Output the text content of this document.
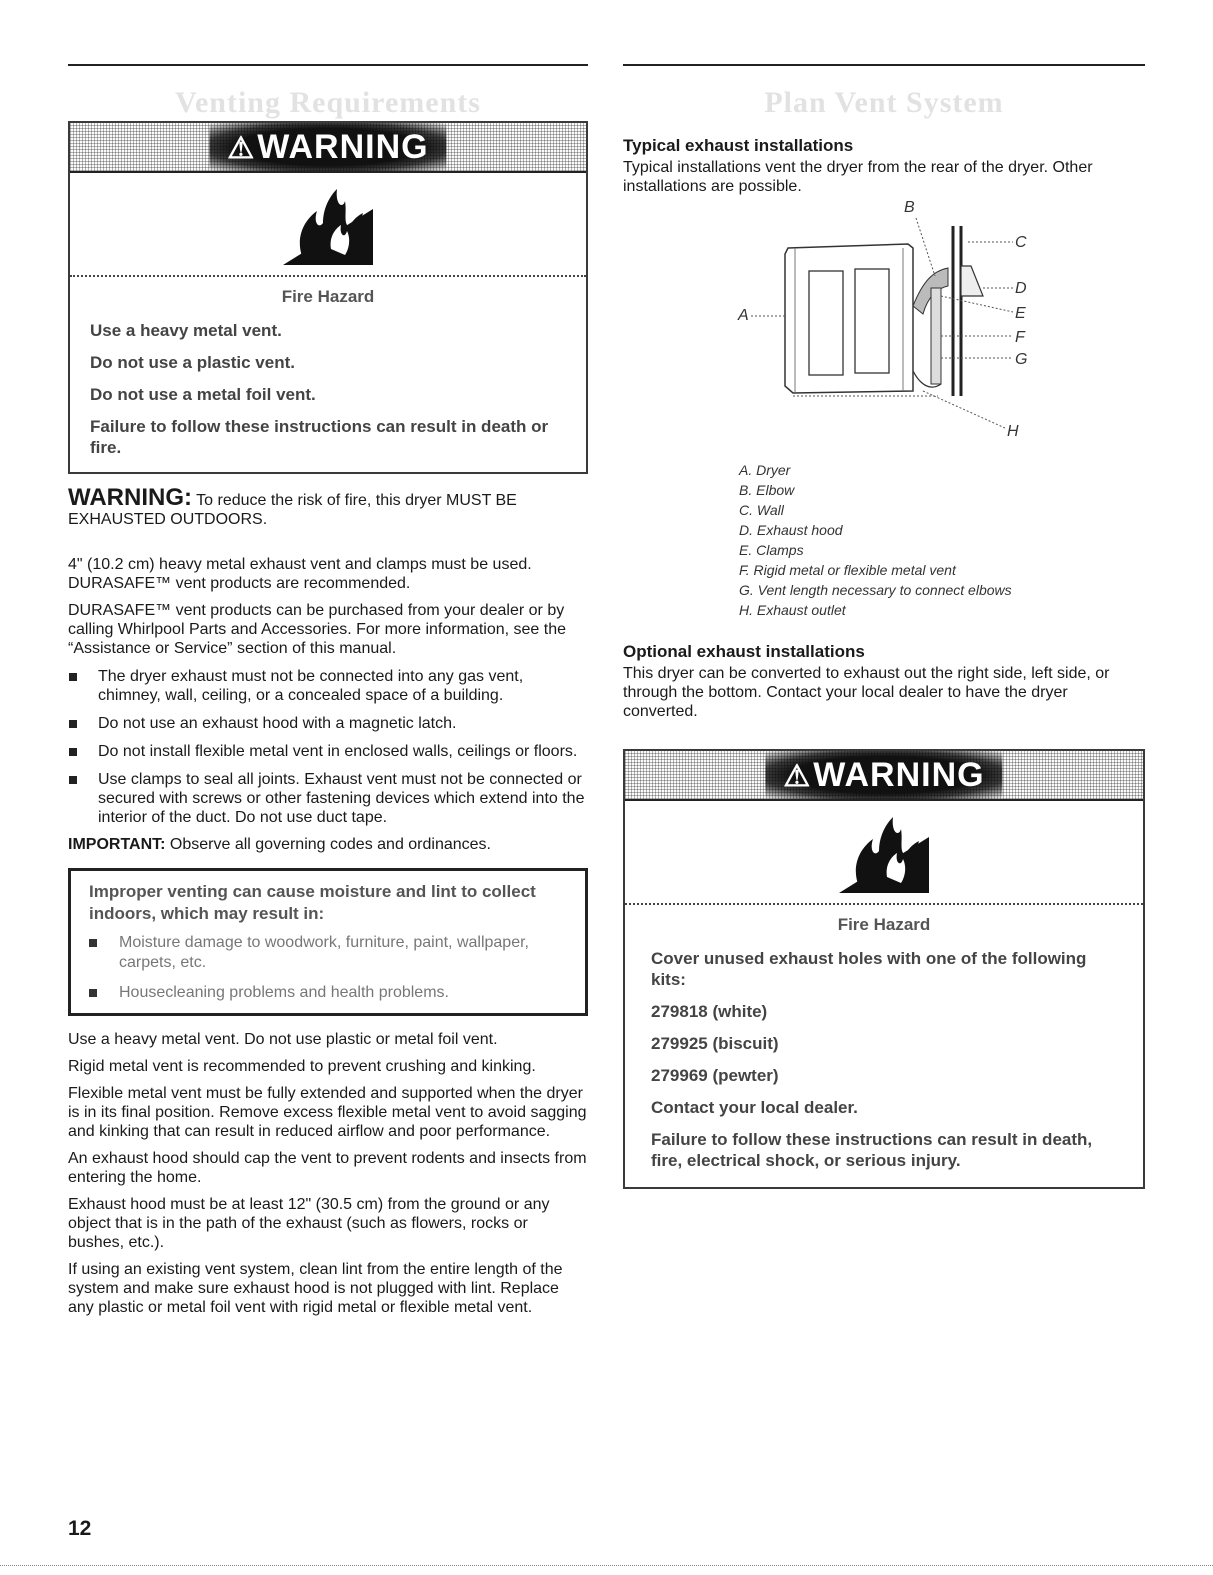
Venting Requirements
⚠WARNING
Fire Hazard
Use a heavy metal vent.
Do not use a plastic vent.
Do not use a metal foil vent.
Failure to follow these instructions can result in death or fire.
WARNING: To reduce the risk of fire, this dryer MUST BE EXHAUSTED OUTDOORS.

4" (10.2 cm) heavy metal exhaust vent and clamps must be used. DURASAFE™ vent products are recommended.

DURASAFE™ vent products can be purchased from your dealer or by calling Whirlpool Parts and Accessories. For more information, see the “Assistance or Service” section of this manual.

The dryer exhaust must not be connected into any gas vent, chimney, wall, ceiling, or a concealed space of a building.
Do not use an exhaust hood with a magnetic latch.
Do not install flexible metal vent in enclosed walls, ceilings or floors.
Use clamps to seal all joints. Exhaust vent must not be connected or secured with screws or other fastening devices which extend into the interior of the duct. Do not use duct tape.

IMPORTANT: Observe all governing codes and ordinances.

Improper venting can cause moisture and lint to collect indoors, which may result in:
Moisture damage to woodwork, furniture, paint, wallpaper, carpets, etc.
Housecleaning problems and health problems.

Use a heavy metal vent. Do not use plastic or metal foil vent.

Rigid metal vent is recommended to prevent crushing and kinking.

Flexible metal vent must be fully extended and supported when the dryer is in its final position. Remove excess flexible metal vent to avoid sagging and kinking that can result in reduced airflow and poor performance.

An exhaust hood should cap the vent to prevent rodents and insects from entering the home.

Exhaust hood must be at least 12" (30.5 cm) from the ground or any object that is in the path of the exhaust (such as flowers, rocks or bushes, etc.).

If using an existing vent system, clean lint from the entire length of the system and make sure exhaust hood is not plugged with lint. Replace any plastic or metal foil vent with rigid metal or flexible metal vent.

Plan Vent System
Typical exhaust installations

Typical installations vent the dryer from the rear of the dryer. Other installations are possible.

A
B
C
D
E
F
G
H
A. Dryer
B. Elbow
C. Wall
D. Exhaust hood
E. Clamps
F. Rigid metal or flexible metal vent
G. Vent length necessary to connect elbows
H. Exhaust outlet
Optional exhaust installations

This dryer can be converted to exhaust out the right side, left side, or through the bottom. Contact your local dealer to have the dryer converted.

⚠WARNING
Fire Hazard
Cover unused exhaust holes with one of the following kits:
279818 (white)
279925 (biscuit)
279969 (pewter)
Contact your local dealer.
Failure to follow these instructions can result in death, fire, electrical shock, or serious injury.
12
